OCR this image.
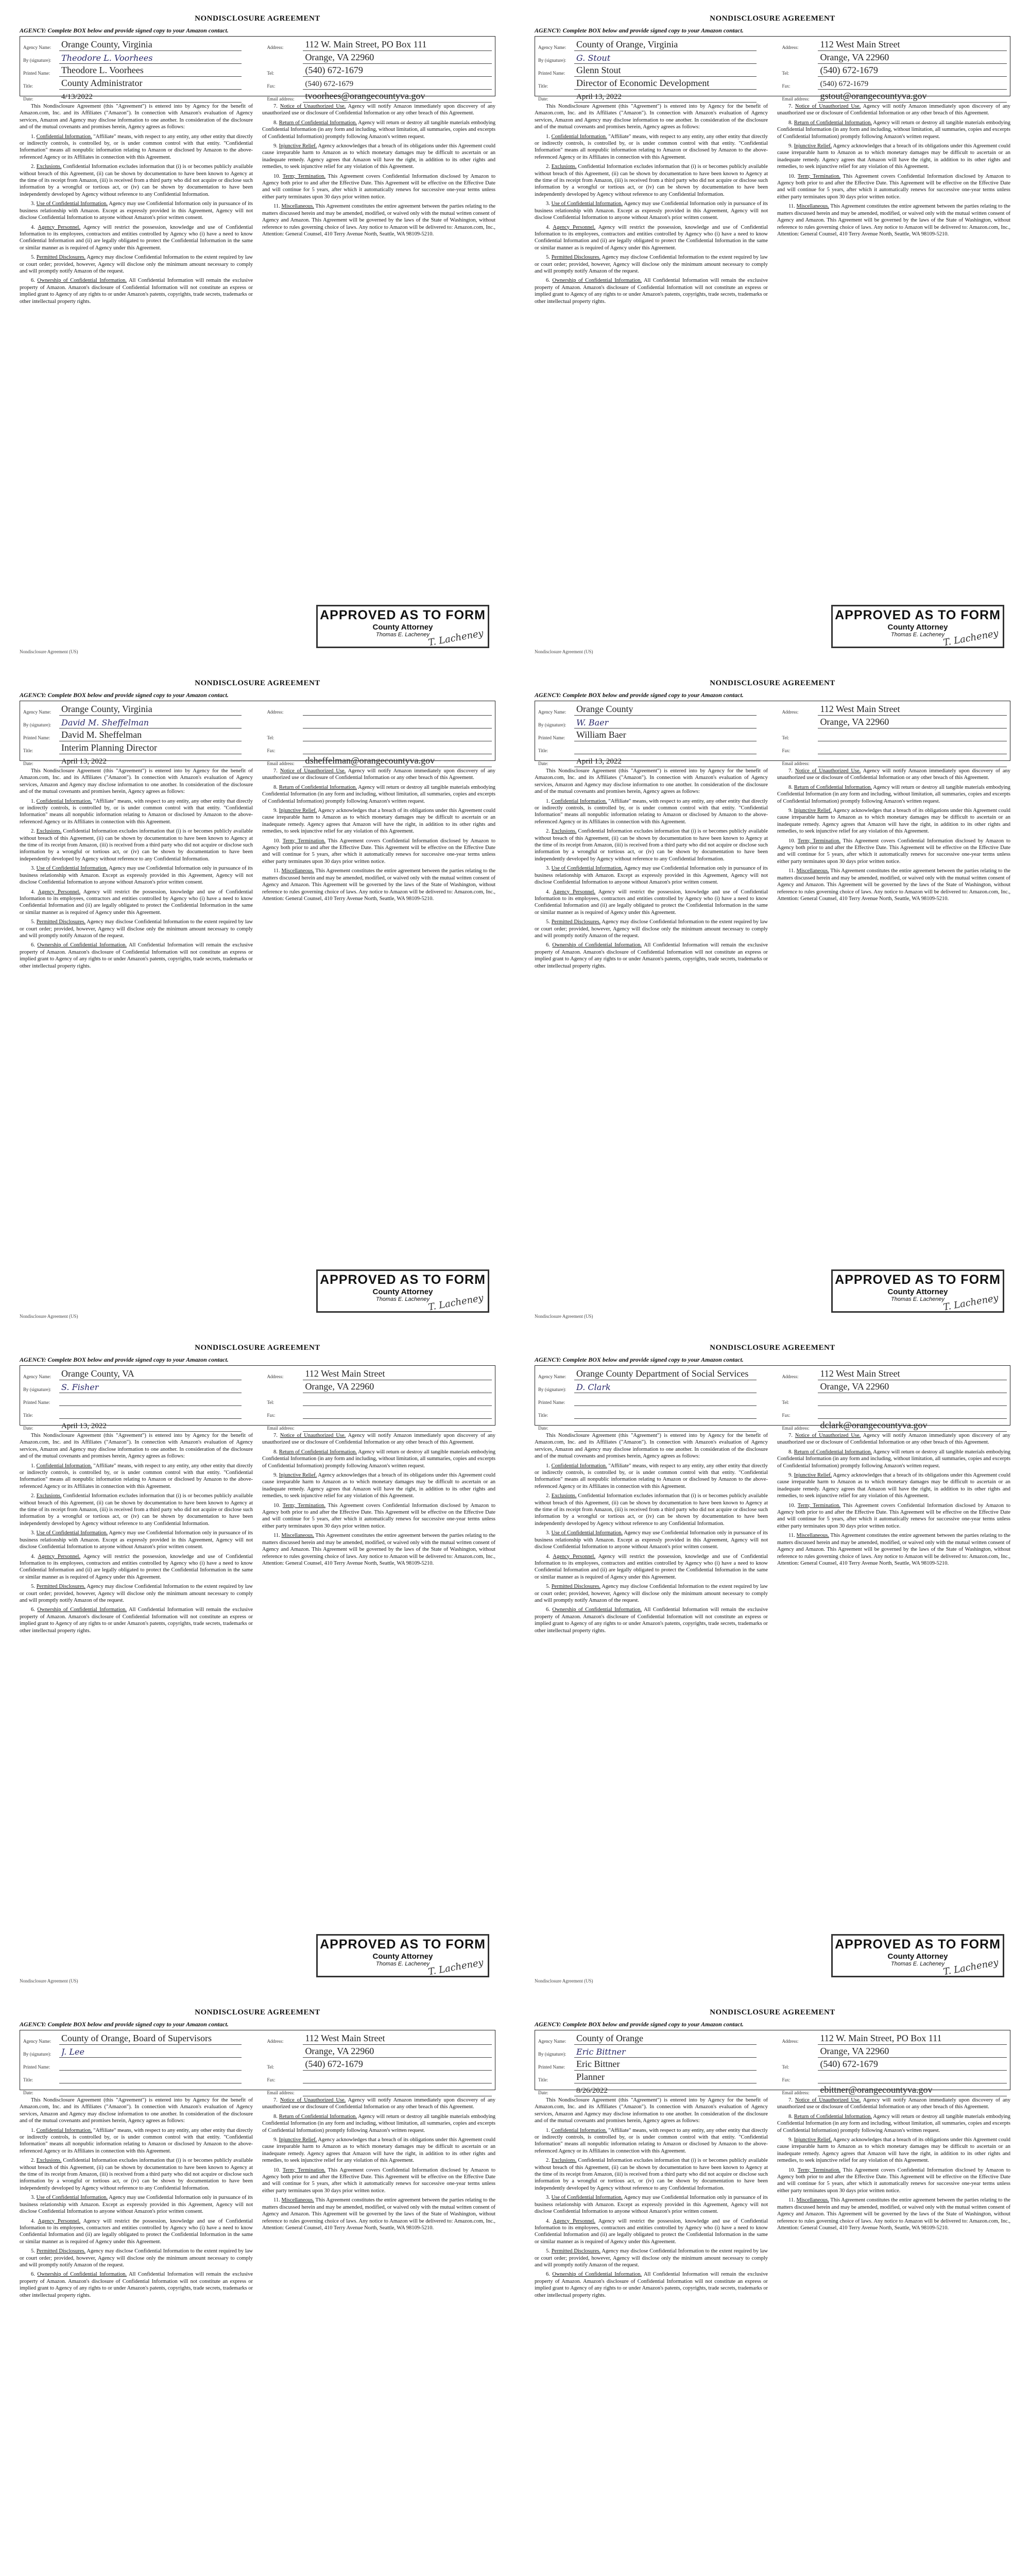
NONDISCLOSURE AGREEMENT
AGENCY: Complete BOX below and provide signed copy to your Amazon contact.
Agency Name: Orange County, Virginia
By (signature): Theodore L. Voorhees
Printed Name: Theodore L. Voorhees
Title:	County Administrator
Date:	4/13/2022
Address: 112 W. Main Street, PO Box 111
Orange, VA 22960
Tel:	(540) 672-1679
Fax:	(540) 672-1679
Email address: tvoorhees@orangecountyva.gov

This Nondisclosure Agreement (this "Agreement") is entered into by Agency for the benefit of Amazon.com, Inc. and its Affiliates ("Amazon"). In connection with Amazon's evaluation of Agency services, Amazon and Agency may disclose information to one another. In consideration of the disclosure and of the mutual covenants and promises herein, Agency agrees as follows:

1. Confidential Information. "Affiliate" means, with respect to any entity, any other entity that directly or indirectly controls, is controlled by, or is under common control with that entity. "Confidential Information" means all nonpublic information relating to Amazon or disclosed by Amazon to the above-referenced Agency or its Affiliates in connection with this Agreement.

2. Exclusions. Confidential Information excludes information that (i) is or becomes publicly available without breach of this Agreement, (ii) can be shown by documentation to have been known to Agency at the time of its receipt from Amazon, (iii) is received from a third party who did not acquire or disclose such information by a wrongful or tortious act, or (iv) can be shown by documentation to have been independently developed by Agency without reference to any Confidential Information.

3. Use of Confidential Information. Agency may use Confidential Information only in pursuance of its business relationship with Amazon. Except as expressly provided in this Agreement, Agency will not disclose Confidential Information to anyone without Amazon's prior written consent.

4. Agency Personnel. Agency will restrict the possession, knowledge and use of Confidential Information to its employees, contractors and entities controlled by Agency who (i) have a need to know Confidential Information and (ii) are legally obligated to protect the Confidential Information in the same or similar manner as is required of Agency under this Agreement.

5. Permitted Disclosures. Agency may disclose Confidential Information to the extent required by law or court order; provided, however, Agency will disclose only the minimum amount necessary to comply and will promptly notify Amazon of the request.

6. Ownership of Confidential Information. All Confidential Information will remain the exclusive property of Amazon. Amazon's disclosure of Confidential Information will not constitute an express or implied grant to Agency of any rights to or under Amazon's patents, copyrights, trade secrets, trademarks or other intellectual property rights.

7. Notice of Unauthorized Use. Agency will notify Amazon immediately upon discovery of any unauthorized use or disclosure of Confidential Information or any other breach of this Agreement.

8. Return of Confidential Information. Agency will return or destroy all tangible materials embodying Confidential Information (in any form and including, without limitation, all summaries, copies and excerpts of Confidential Information) promptly following Amazon's written request.

9. Injunctive Relief. Agency acknowledges that a breach of its obligations under this Agreement could cause irreparable harm to Amazon as to which monetary damages may be difficult to ascertain or an inadequate remedy. Agency agrees that Amazon will have the right, in addition to its other rights and remedies, to seek injunctive relief for any violation of this Agreement.

10. Term; Termination. This Agreement covers Confidential Information disclosed by Amazon to Agency both prior to and after the Effective Date. This Agreement will be effective on the Effective Date and will continue for 5 years, after which it automatically renews for successive one-year terms unless either party terminates upon 30 days prior written notice.

11. Miscellaneous. This Agreement constitutes the entire agreement between the parties relating to the matters discussed herein and may be amended, modified, or waived only with the mutual written consent of Agency and Amazon. This Agreement will be governed by the laws of the State of Washington, without reference to rules governing choice of laws. Any notice to Amazon will be delivered to: Amazon.com, Inc., Attention: General Counsel, 410 Terry Avenue North, Seattle, WA 98109-5210.

APPROVED AS TO FORM
County Attorney
Thomas E. Lacheney
T. Lacheney
Nondisclosure Agreement (US)
NONDISCLOSURE AGREEMENT
AGENCY: Complete BOX below and provide signed copy to your Amazon contact.
Agency Name: County of Orange, Virginia
By (signature): G. Stout
Printed Name: Glenn Stout
Title:	Director of Economic Development
Date:	April 13, 2022
Address: 112 West Main Street
Orange, VA 22960
Tel:	(540) 672-1679
Fax:	(540) 672-1679
Email address: gstout@orangecountyva.gov

This Nondisclosure Agreement (this "Agreement") is entered into by Agency for the benefit of Amazon.com, Inc. and its Affiliates ("Amazon"). In connection with Amazon's evaluation of Agency services, Amazon and Agency may disclose information to one another. In consideration of the disclosure and of the mutual covenants and promises herein, Agency agrees as follows:

1. Confidential Information. "Affiliate" means, with respect to any entity, any other entity that directly or indirectly controls, is controlled by, or is under common control with that entity. "Confidential Information" means all nonpublic information relating to Amazon or disclosed by Amazon to the above-referenced Agency or its Affiliates in connection with this Agreement.

2. Exclusions. Confidential Information excludes information that (i) is or becomes publicly available without breach of this Agreement, (ii) can be shown by documentation to have been known to Agency at the time of its receipt from Amazon, (iii) is received from a third party who did not acquire or disclose such information by a wrongful or tortious act, or (iv) can be shown by documentation to have been independently developed by Agency without reference to any Confidential Information.

3. Use of Confidential Information. Agency may use Confidential Information only in pursuance of its business relationship with Amazon. Except as expressly provided in this Agreement, Agency will not disclose Confidential Information to anyone without Amazon's prior written consent.

4. Agency Personnel. Agency will restrict the possession, knowledge and use of Confidential Information to its employees, contractors and entities controlled by Agency who (i) have a need to know Confidential Information and (ii) are legally obligated to protect the Confidential Information in the same or similar manner as is required of Agency under this Agreement.

5. Permitted Disclosures. Agency may disclose Confidential Information to the extent required by law or court order; provided, however, Agency will disclose only the minimum amount necessary to comply and will promptly notify Amazon of the request.

6. Ownership of Confidential Information. All Confidential Information will remain the exclusive property of Amazon. Amazon's disclosure of Confidential Information will not constitute an express or implied grant to Agency of any rights to or under Amazon's patents, copyrights, trade secrets, trademarks or other intellectual property rights.

7. Notice of Unauthorized Use. Agency will notify Amazon immediately upon discovery of any unauthorized use or disclosure of Confidential Information or any other breach of this Agreement.

8. Return of Confidential Information. Agency will return or destroy all tangible materials embodying Confidential Information (in any form and including, without limitation, all summaries, copies and excerpts of Confidential Information) promptly following Amazon's written request.

9. Injunctive Relief. Agency acknowledges that a breach of its obligations under this Agreement could cause irreparable harm to Amazon as to which monetary damages may be difficult to ascertain or an inadequate remedy. Agency agrees that Amazon will have the right, in addition to its other rights and remedies, to seek injunctive relief for any violation of this Agreement.

10. Term; Termination. This Agreement covers Confidential Information disclosed by Amazon to Agency both prior to and after the Effective Date. This Agreement will be effective on the Effective Date and will continue for 5 years, after which it automatically renews for successive one-year terms unless either party terminates upon 30 days prior written notice.

11. Miscellaneous. This Agreement constitutes the entire agreement between the parties relating to the matters discussed herein and may be amended, modified, or waived only with the mutual written consent of Agency and Amazon. This Agreement will be governed by the laws of the State of Washington, without reference to rules governing choice of laws. Any notice to Amazon will be delivered to: Amazon.com, Inc., Attention: General Counsel, 410 Terry Avenue North, Seattle, WA 98109-5210.

APPROVED AS TO FORM
County Attorney
Thomas E. Lacheney
T. Lacheney
Nondisclosure Agreement (US)
NONDISCLOSURE AGREEMENT
AGENCY: Complete BOX below and provide signed copy to your Amazon contact.
Agency Name: Orange County, Virginia
By (signature): David M. Sheffelman
Printed Name: David M. Sheffelman
Title:	Interim Planning Director
Date:	April 13, 2022
Address:
Tel:
Fax:
Email address: dsheffelman@orangecountyva.gov

This Nondisclosure Agreement (this "Agreement") is entered into by Agency for the benefit of Amazon.com, Inc. and its Affiliates ("Amazon"). In connection with Amazon's evaluation of Agency services, Amazon and Agency may disclose information to one another. In consideration of the disclosure and of the mutual covenants and promises herein, Agency agrees as follows:

1. Confidential Information. "Affiliate" means, with respect to any entity, any other entity that directly or indirectly controls, is controlled by, or is under common control with that entity. "Confidential Information" means all nonpublic information relating to Amazon or disclosed by Amazon to the above-referenced Agency or its Affiliates in connection with this Agreement.

2. Exclusions. Confidential Information excludes information that (i) is or becomes publicly available without breach of this Agreement, (ii) can be shown by documentation to have been known to Agency at the time of its receipt from Amazon, (iii) is received from a third party who did not acquire or disclose such information by a wrongful or tortious act, or (iv) can be shown by documentation to have been independently developed by Agency without reference to any Confidential Information.

3. Use of Confidential Information. Agency may use Confidential Information only in pursuance of its business relationship with Amazon. Except as expressly provided in this Agreement, Agency will not disclose Confidential Information to anyone without Amazon's prior written consent.

4. Agency Personnel. Agency will restrict the possession, knowledge and use of Confidential Information to its employees, contractors and entities controlled by Agency who (i) have a need to know Confidential Information and (ii) are legally obligated to protect the Confidential Information in the same or similar manner as is required of Agency under this Agreement.

5. Permitted Disclosures. Agency may disclose Confidential Information to the extent required by law or court order; provided, however, Agency will disclose only the minimum amount necessary to comply and will promptly notify Amazon of the request.

6. Ownership of Confidential Information. All Confidential Information will remain the exclusive property of Amazon. Amazon's disclosure of Confidential Information will not constitute an express or implied grant to Agency of any rights to or under Amazon's patents, copyrights, trade secrets, trademarks or other intellectual property rights.

7. Notice of Unauthorized Use. Agency will notify Amazon immediately upon discovery of any unauthorized use or disclosure of Confidential Information or any other breach of this Agreement.

8. Return of Confidential Information. Agency will return or destroy all tangible materials embodying Confidential Information (in any form and including, without limitation, all summaries, copies and excerpts of Confidential Information) promptly following Amazon's written request.

9. Injunctive Relief. Agency acknowledges that a breach of its obligations under this Agreement could cause irreparable harm to Amazon as to which monetary damages may be difficult to ascertain or an inadequate remedy. Agency agrees that Amazon will have the right, in addition to its other rights and remedies, to seek injunctive relief for any violation of this Agreement.

10. Term; Termination. This Agreement covers Confidential Information disclosed by Amazon to Agency both prior to and after the Effective Date. This Agreement will be effective on the Effective Date and will continue for 5 years, after which it automatically renews for successive one-year terms unless either party terminates upon 30 days prior written notice.

11. Miscellaneous. This Agreement constitutes the entire agreement between the parties relating to the matters discussed herein and may be amended, modified, or waived only with the mutual written consent of Agency and Amazon. This Agreement will be governed by the laws of the State of Washington, without reference to rules governing choice of laws. Any notice to Amazon will be delivered to: Amazon.com, Inc., Attention: General Counsel, 410 Terry Avenue North, Seattle, WA 98109-5210.

APPROVED AS TO FORM
County Attorney
Thomas E. Lacheney
T. Lacheney
Nondisclosure Agreement (US)
NONDISCLOSURE AGREEMENT
AGENCY: Complete BOX below and provide signed copy to your Amazon contact.
Agency Name: Orange County
By (signature): W. Baer
Printed Name: William Baer
Title:
Date:	April 13, 2022
Address: 112 West Main Street
Orange, VA 22960
Tel:
Fax:
Email address:

This Nondisclosure Agreement (this "Agreement") is entered into by Agency for the benefit of Amazon.com, Inc. and its Affiliates ("Amazon"). In connection with Amazon's evaluation of Agency services, Amazon and Agency may disclose information to one another. In consideration of the disclosure and of the mutual covenants and promises herein, Agency agrees as follows:

1. Confidential Information. "Affiliate" means, with respect to any entity, any other entity that directly or indirectly controls, is controlled by, or is under common control with that entity. "Confidential Information" means all nonpublic information relating to Amazon or disclosed by Amazon to the above-referenced Agency or its Affiliates in connection with this Agreement.

2. Exclusions. Confidential Information excludes information that (i) is or becomes publicly available without breach of this Agreement, (ii) can be shown by documentation to have been known to Agency at the time of its receipt from Amazon, (iii) is received from a third party who did not acquire or disclose such information by a wrongful or tortious act, or (iv) can be shown by documentation to have been independently developed by Agency without reference to any Confidential Information.

3. Use of Confidential Information. Agency may use Confidential Information only in pursuance of its business relationship with Amazon. Except as expressly provided in this Agreement, Agency will not disclose Confidential Information to anyone without Amazon's prior written consent.

4. Agency Personnel. Agency will restrict the possession, knowledge and use of Confidential Information to its employees, contractors and entities controlled by Agency who (i) have a need to know Confidential Information and (ii) are legally obligated to protect the Confidential Information in the same or similar manner as is required of Agency under this Agreement.

5. Permitted Disclosures. Agency may disclose Confidential Information to the extent required by law or court order; provided, however, Agency will disclose only the minimum amount necessary to comply and will promptly notify Amazon of the request.

6. Ownership of Confidential Information. All Confidential Information will remain the exclusive property of Amazon. Amazon's disclosure of Confidential Information will not constitute an express or implied grant to Agency of any rights to or under Amazon's patents, copyrights, trade secrets, trademarks or other intellectual property rights.

7. Notice of Unauthorized Use. Agency will notify Amazon immediately upon discovery of any unauthorized use or disclosure of Confidential Information or any other breach of this Agreement.

8. Return of Confidential Information. Agency will return or destroy all tangible materials embodying Confidential Information (in any form and including, without limitation, all summaries, copies and excerpts of Confidential Information) promptly following Amazon's written request.

9. Injunctive Relief. Agency acknowledges that a breach of its obligations under this Agreement could cause irreparable harm to Amazon as to which monetary damages may be difficult to ascertain or an inadequate remedy. Agency agrees that Amazon will have the right, in addition to its other rights and remedies, to seek injunctive relief for any violation of this Agreement.

10. Term; Termination. This Agreement covers Confidential Information disclosed by Amazon to Agency both prior to and after the Effective Date. This Agreement will be effective on the Effective Date and will continue for 5 years, after which it automatically renews for successive one-year terms unless either party terminates upon 30 days prior written notice.

11. Miscellaneous. This Agreement constitutes the entire agreement between the parties relating to the matters discussed herein and may be amended, modified, or waived only with the mutual written consent of Agency and Amazon. This Agreement will be governed by the laws of the State of Washington, without reference to rules governing choice of laws. Any notice to Amazon will be delivered to: Amazon.com, Inc., Attention: General Counsel, 410 Terry Avenue North, Seattle, WA 98109-5210.

APPROVED AS TO FORM
County Attorney
Thomas E. Lacheney
T. Lacheney
Nondisclosure Agreement (US)
NONDISCLOSURE AGREEMENT
AGENCY: Complete BOX below and provide signed copy to your Amazon contact.
Agency Name: Orange County, VA
By (signature): S. Fisher
Printed Name:
Title:
Date:	April 13, 2022
Address: 112 West Main Street
Orange, VA 22960
Tel:
Fax:
Email address:

This Nondisclosure Agreement (this "Agreement") is entered into by Agency for the benefit of Amazon.com, Inc. and its Affiliates ("Amazon"). In connection with Amazon's evaluation of Agency services, Amazon and Agency may disclose information to one another. In consideration of the disclosure and of the mutual covenants and promises herein, Agency agrees as follows:

1. Confidential Information. "Affiliate" means, with respect to any entity, any other entity that directly or indirectly controls, is controlled by, or is under common control with that entity. "Confidential Information" means all nonpublic information relating to Amazon or disclosed by Amazon to the above-referenced Agency or its Affiliates in connection with this Agreement.

2. Exclusions. Confidential Information excludes information that (i) is or becomes publicly available without breach of this Agreement, (ii) can be shown by documentation to have been known to Agency at the time of its receipt from Amazon, (iii) is received from a third party who did not acquire or disclose such information by a wrongful or tortious act, or (iv) can be shown by documentation to have been independently developed by Agency without reference to any Confidential Information.

3. Use of Confidential Information. Agency may use Confidential Information only in pursuance of its business relationship with Amazon. Except as expressly provided in this Agreement, Agency will not disclose Confidential Information to anyone without Amazon's prior written consent.

4. Agency Personnel. Agency will restrict the possession, knowledge and use of Confidential Information to its employees, contractors and entities controlled by Agency who (i) have a need to know Confidential Information and (ii) are legally obligated to protect the Confidential Information in the same or similar manner as is required of Agency under this Agreement.

5. Permitted Disclosures. Agency may disclose Confidential Information to the extent required by law or court order; provided, however, Agency will disclose only the minimum amount necessary to comply and will promptly notify Amazon of the request.

6. Ownership of Confidential Information. All Confidential Information will remain the exclusive property of Amazon. Amazon's disclosure of Confidential Information will not constitute an express or implied grant to Agency of any rights to or under Amazon's patents, copyrights, trade secrets, trademarks or other intellectual property rights.

7. Notice of Unauthorized Use. Agency will notify Amazon immediately upon discovery of any unauthorized use or disclosure of Confidential Information or any other breach of this Agreement.

8. Return of Confidential Information. Agency will return or destroy all tangible materials embodying Confidential Information (in any form and including, without limitation, all summaries, copies and excerpts of Confidential Information) promptly following Amazon's written request.

9. Injunctive Relief. Agency acknowledges that a breach of its obligations under this Agreement could cause irreparable harm to Amazon as to which monetary damages may be difficult to ascertain or an inadequate remedy. Agency agrees that Amazon will have the right, in addition to its other rights and remedies, to seek injunctive relief for any violation of this Agreement.

10. Term; Termination. This Agreement covers Confidential Information disclosed by Amazon to Agency both prior to and after the Effective Date. This Agreement will be effective on the Effective Date and will continue for 5 years, after which it automatically renews for successive one-year terms unless either party terminates upon 30 days prior written notice.

11. Miscellaneous. This Agreement constitutes the entire agreement between the parties relating to the matters discussed herein and may be amended, modified, or waived only with the mutual written consent of Agency and Amazon. This Agreement will be governed by the laws of the State of Washington, without reference to rules governing choice of laws. Any notice to Amazon will be delivered to: Amazon.com, Inc., Attention: General Counsel, 410 Terry Avenue North, Seattle, WA 98109-5210.

APPROVED AS TO FORM
County Attorney
Thomas E. Lacheney
T. Lacheney
Nondisclosure Agreement (US)
NONDISCLOSURE AGREEMENT
AGENCY: Complete BOX below and provide signed copy to your Amazon contact.
Agency Name: Orange County Department of Social Services
By (signature): D. Clark
Printed Name:
Title:
Date:
Address: 112 West Main Street
Orange, VA 22960
Tel:
Fax:
Email address: dclark@orangecountyva.gov

This Nondisclosure Agreement (this "Agreement") is entered into by Agency for the benefit of Amazon.com, Inc. and its Affiliates ("Amazon"). In connection with Amazon's evaluation of Agency services, Amazon and Agency may disclose information to one another. In consideration of the disclosure and of the mutual covenants and promises herein, Agency agrees as follows:

1. Confidential Information. "Affiliate" means, with respect to any entity, any other entity that directly or indirectly controls, is controlled by, or is under common control with that entity. "Confidential Information" means all nonpublic information relating to Amazon or disclosed by Amazon to the above-referenced Agency or its Affiliates in connection with this Agreement.

2. Exclusions. Confidential Information excludes information that (i) is or becomes publicly available without breach of this Agreement, (ii) can be shown by documentation to have been known to Agency at the time of its receipt from Amazon, (iii) is received from a third party who did not acquire or disclose such information by a wrongful or tortious act, or (iv) can be shown by documentation to have been independently developed by Agency without reference to any Confidential Information.

3. Use of Confidential Information. Agency may use Confidential Information only in pursuance of its business relationship with Amazon. Except as expressly provided in this Agreement, Agency will not disclose Confidential Information to anyone without Amazon's prior written consent.

4. Agency Personnel. Agency will restrict the possession, knowledge and use of Confidential Information to its employees, contractors and entities controlled by Agency who (i) have a need to know Confidential Information and (ii) are legally obligated to protect the Confidential Information in the same or similar manner as is required of Agency under this Agreement.

5. Permitted Disclosures. Agency may disclose Confidential Information to the extent required by law or court order; provided, however, Agency will disclose only the minimum amount necessary to comply and will promptly notify Amazon of the request.

6. Ownership of Confidential Information. All Confidential Information will remain the exclusive property of Amazon. Amazon's disclosure of Confidential Information will not constitute an express or implied grant to Agency of any rights to or under Amazon's patents, copyrights, trade secrets, trademarks or other intellectual property rights.

7. Notice of Unauthorized Use. Agency will notify Amazon immediately upon discovery of any unauthorized use or disclosure of Confidential Information or any other breach of this Agreement.

8. Return of Confidential Information. Agency will return or destroy all tangible materials embodying Confidential Information (in any form and including, without limitation, all summaries, copies and excerpts of Confidential Information) promptly following Amazon's written request.

9. Injunctive Relief. Agency acknowledges that a breach of its obligations under this Agreement could cause irreparable harm to Amazon as to which monetary damages may be difficult to ascertain or an inadequate remedy. Agency agrees that Amazon will have the right, in addition to its other rights and remedies, to seek injunctive relief for any violation of this Agreement.

10. Term; Termination. This Agreement covers Confidential Information disclosed by Amazon to Agency both prior to and after the Effective Date. This Agreement will be effective on the Effective Date and will continue for 5 years, after which it automatically renews for successive one-year terms unless either party terminates upon 30 days prior written notice.

11. Miscellaneous. This Agreement constitutes the entire agreement between the parties relating to the matters discussed herein and may be amended, modified, or waived only with the mutual written consent of Agency and Amazon. This Agreement will be governed by the laws of the State of Washington, without reference to rules governing choice of laws. Any notice to Amazon will be delivered to: Amazon.com, Inc., Attention: General Counsel, 410 Terry Avenue North, Seattle, WA 98109-5210.

APPROVED AS TO FORM
County Attorney
Thomas E. Lacheney
T. Lacheney
Nondisclosure Agreement (US)
NONDISCLOSURE AGREEMENT
AGENCY: Complete BOX below and provide signed copy to your Amazon contact.
Agency Name: County of Orange, Board of Supervisors
By (signature): J. Lee
Printed Name:
Title:
Date:
Address: 112 West Main Street
Orange, VA 22960
Tel:	(540) 672-1679
Fax:
Email address:

This Nondisclosure Agreement (this "Agreement") is entered into by Agency for the benefit of Amazon.com, Inc. and its Affiliates ("Amazon"). In connection with Amazon's evaluation of Agency services, Amazon and Agency may disclose information to one another. In consideration of the disclosure and of the mutual covenants and promises herein, Agency agrees as follows:

1. Confidential Information. "Affiliate" means, with respect to any entity, any other entity that directly or indirectly controls, is controlled by, or is under common control with that entity. "Confidential Information" means all nonpublic information relating to Amazon or disclosed by Amazon to the above-referenced Agency or its Affiliates in connection with this Agreement.

2. Exclusions. Confidential Information excludes information that (i) is or becomes publicly available without breach of this Agreement, (ii) can be shown by documentation to have been known to Agency at the time of its receipt from Amazon, (iii) is received from a third party who did not acquire or disclose such information by a wrongful or tortious act, or (iv) can be shown by documentation to have been independently developed by Agency without reference to any Confidential Information.

3. Use of Confidential Information. Agency may use Confidential Information only in pursuance of its business relationship with Amazon. Except as expressly provided in this Agreement, Agency will not disclose Confidential Information to anyone without Amazon's prior written consent.

4. Agency Personnel. Agency will restrict the possession, knowledge and use of Confidential Information to its employees, contractors and entities controlled by Agency who (i) have a need to know Confidential Information and (ii) are legally obligated to protect the Confidential Information in the same or similar manner as is required of Agency under this Agreement.

5. Permitted Disclosures. Agency may disclose Confidential Information to the extent required by law or court order; provided, however, Agency will disclose only the minimum amount necessary to comply and will promptly notify Amazon of the request.

6. Ownership of Confidential Information. All Confidential Information will remain the exclusive property of Amazon. Amazon's disclosure of Confidential Information will not constitute an express or implied grant to Agency of any rights to or under Amazon's patents, copyrights, trade secrets, trademarks or other intellectual property rights.

7. Notice of Unauthorized Use. Agency will notify Amazon immediately upon discovery of any unauthorized use or disclosure of Confidential Information or any other breach of this Agreement.

8. Return of Confidential Information. Agency will return or destroy all tangible materials embodying Confidential Information (in any form and including, without limitation, all summaries, copies and excerpts of Confidential Information) promptly following Amazon's written request.

9. Injunctive Relief. Agency acknowledges that a breach of its obligations under this Agreement could cause irreparable harm to Amazon as to which monetary damages may be difficult to ascertain or an inadequate remedy. Agency agrees that Amazon will have the right, in addition to its other rights and remedies, to seek injunctive relief for any violation of this Agreement.

10. Term; Termination. This Agreement covers Confidential Information disclosed by Amazon to Agency both prior to and after the Effective Date. This Agreement will be effective on the Effective Date and will continue for 5 years, after which it automatically renews for successive one-year terms unless either party terminates upon 30 days prior written notice.

11. Miscellaneous. This Agreement constitutes the entire agreement between the parties relating to the matters discussed herein and may be amended, modified, or waived only with the mutual written consent of Agency and Amazon. This Agreement will be governed by the laws of the State of Washington, without reference to rules governing choice of laws. Any notice to Amazon will be delivered to: Amazon.com, Inc., Attention: General Counsel, 410 Terry Avenue North, Seattle, WA 98109-5210.

NONDISCLOSURE AGREEMENT
AGENCY: Complete BOX below and provide signed copy to your Amazon contact.
Agency Name: County of Orange
By (signature): Eric Bittner
Printed Name: Eric Bittner
Title:	Planner
Date:	8/26/2022
Address: 112 W. Main Street, PO Box 111
Orange, VA 22960
Tel:	(540) 672-1679
Fax:
Email address: ebittner@orangecountyva.gov

This Nondisclosure Agreement (this "Agreement") is entered into by Agency for the benefit of Amazon.com, Inc. and its Affiliates ("Amazon"). In connection with Amazon's evaluation of Agency services, Amazon and Agency may disclose information to one another. In consideration of the disclosure and of the mutual covenants and promises herein, Agency agrees as follows:

1. Confidential Information. "Affiliate" means, with respect to any entity, any other entity that directly or indirectly controls, is controlled by, or is under common control with that entity. "Confidential Information" means all nonpublic information relating to Amazon or disclosed by Amazon to the above-referenced Agency or its Affiliates in connection with this Agreement.

2. Exclusions. Confidential Information excludes information that (i) is or becomes publicly available without breach of this Agreement, (ii) can be shown by documentation to have been known to Agency at the time of its receipt from Amazon, (iii) is received from a third party who did not acquire or disclose such information by a wrongful or tortious act, or (iv) can be shown by documentation to have been independently developed by Agency without reference to any Confidential Information.

3. Use of Confidential Information. Agency may use Confidential Information only in pursuance of its business relationship with Amazon. Except as expressly provided in this Agreement, Agency will not disclose Confidential Information to anyone without Amazon's prior written consent.

4. Agency Personnel. Agency will restrict the possession, knowledge and use of Confidential Information to its employees, contractors and entities controlled by Agency who (i) have a need to know Confidential Information and (ii) are legally obligated to protect the Confidential Information in the same or similar manner as is required of Agency under this Agreement.

5. Permitted Disclosures. Agency may disclose Confidential Information to the extent required by law or court order; provided, however, Agency will disclose only the minimum amount necessary to comply and will promptly notify Amazon of the request.

6. Ownership of Confidential Information. All Confidential Information will remain the exclusive property of Amazon. Amazon's disclosure of Confidential Information will not constitute an express or implied grant to Agency of any rights to or under Amazon's patents, copyrights, trade secrets, trademarks or other intellectual property rights.

7. Notice of Unauthorized Use. Agency will notify Amazon immediately upon discovery of any unauthorized use or disclosure of Confidential Information or any other breach of this Agreement.

8. Return of Confidential Information. Agency will return or destroy all tangible materials embodying Confidential Information (in any form and including, without limitation, all summaries, copies and excerpts of Confidential Information) promptly following Amazon's written request.

9. Injunctive Relief. Agency acknowledges that a breach of its obligations under this Agreement could cause irreparable harm to Amazon as to which monetary damages may be difficult to ascertain or an inadequate remedy. Agency agrees that Amazon will have the right, in addition to its other rights and remedies, to seek injunctive relief for any violation of this Agreement.

10. Term; Termination. This Agreement covers Confidential Information disclosed by Amazon to Agency both prior to and after the Effective Date. This Agreement will be effective on the Effective Date and will continue for 5 years, after which it automatically renews for successive one-year terms unless either party terminates upon 30 days prior written notice.

11. Miscellaneous. This Agreement constitutes the entire agreement between the parties relating to the matters discussed herein and may be amended, modified, or waived only with the mutual written consent of Agency and Amazon. This Agreement will be governed by the laws of the State of Washington, without reference to rules governing choice of laws. Any notice to Amazon will be delivered to: Amazon.com, Inc., Attention: General Counsel, 410 Terry Avenue North, Seattle, WA 98109-5210.
